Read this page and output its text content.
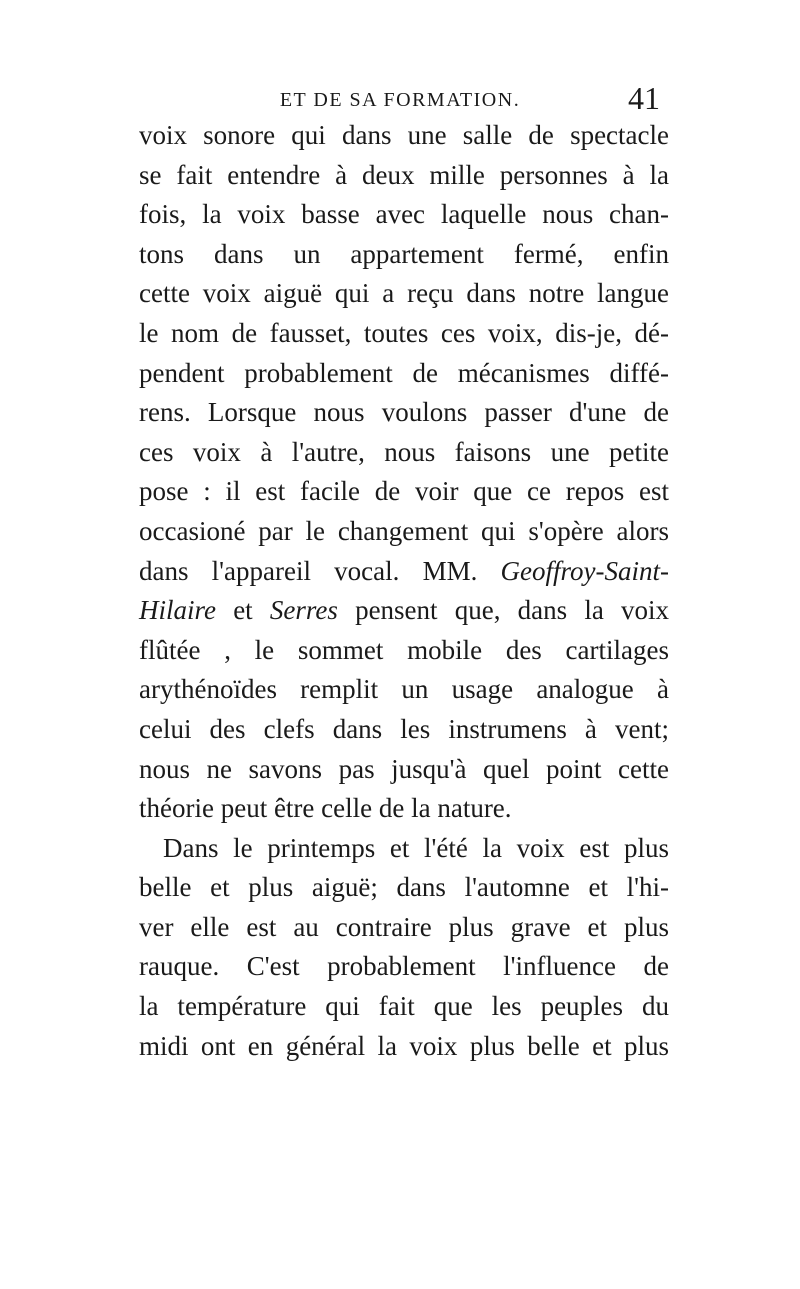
ET DE SA FORMATION.	41
voix sonore qui dans une salle de spectacle
se fait entendre à deux mille personnes à la
fois, la voix basse avec laquelle nous chan-
tons dans un appartement fermé, enfin
cette voix aiguë qui a reçu dans notre langue
le nom de fausset, toutes ces voix, dis-je, dé-
pendent probablement de mécanismes diffé-
rens. Lorsque nous voulons passer d'une de
ces voix à l'autre, nous faisons une petite
pose : il est facile de voir que ce repos est
occasioné par le changement qui s'opère alors
dans l'appareil vocal. MM. Geoffroy-Saint-
Hilaire et Serres pensent que, dans la voix
flûtée , le sommet mobile des cartilages
arythénoïdes remplit un usage analogue à
celui des clefs dans les instrumens à vent;
nous ne savons pas jusqu'à quel point cette
théorie peut être celle de la nature.
Dans le printemps et l'été la voix est plus
belle et plus aiguë; dans l'automne et l'hi-
ver elle est au contraire plus grave et plus
rauque. C'est probablement l'influence de
la température qui fait que les peuples du
midi ont en général la voix plus belle et plus
